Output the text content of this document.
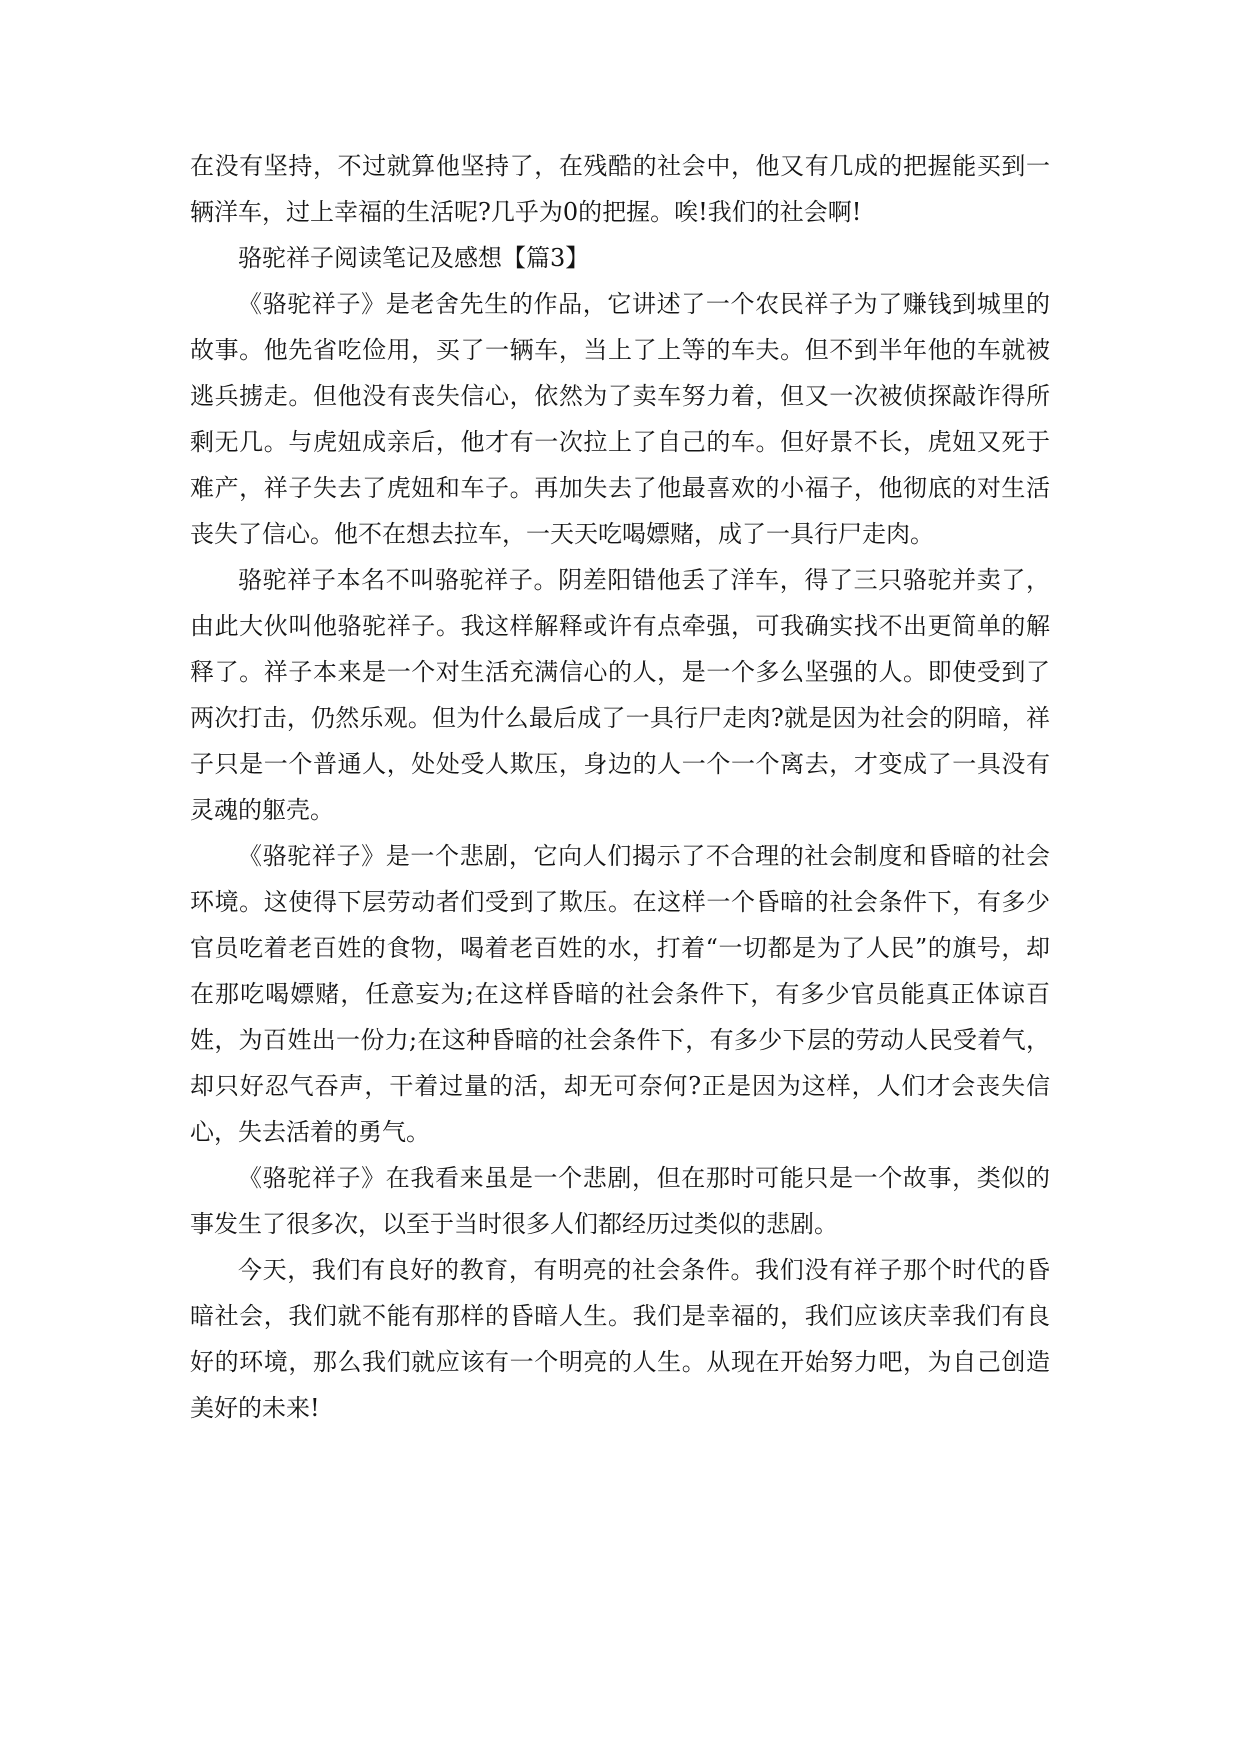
在没有坚持，不过就算他坚持了，在残酷的社会中，他又有几成的把握能买到一辆洋车，过上幸福的生活呢?几乎为0的把握。唉!我们的社会啊!

骆驼祥子阅读笔记及感想【篇3】

《骆驼祥子》是老舍先生的作品，它讲述了一个农民祥子为了赚钱到城里的故事。他先省吃俭用，买了一辆车，当上了上等的车夫。但不到半年他的车就被逃兵掳走。但他没有丧失信心，依然为了卖车努力着，但又一次被侦探敲诈得所剩无几。与虎妞成亲后，他才有一次拉上了自己的车。但好景不长，虎妞又死于难产，祥子失去了虎妞和车子。再加失去了他最喜欢的小福子，他彻底的对生活丧失了信心。他不在想去拉车，一天天吃喝嫖赌，成了一具行尸走肉。

骆驼祥子本名不叫骆驼祥子。阴差阳错他丢了洋车，得了三只骆驼并卖了，由此大伙叫他骆驼祥子。我这样解释或许有点牵强，可我确实找不出更简单的解释了。祥子本来是一个对生活充满信心的人，是一个多么坚强的人。即使受到了两次打击，仍然乐观。但为什么最后成了一具行尸走肉?就是因为社会的阴暗，祥子只是一个普通人，处处受人欺压，身边的人一个一个离去，才变成了一具没有灵魂的躯壳。

《骆驼祥子》是一个悲剧，它向人们揭示了不合理的社会制度和昏暗的社会环境。这使得下层劳动者们受到了欺压。在这样一个昏暗的社会条件下，有多少官员吃着老百姓的食物，喝着老百姓的水，打着“一切都是为了人民”的旗号，却在那吃喝嫖赌，任意妄为;在这样昏暗的社会条件下，有多少官员能真正体谅百姓，为百姓出一份力;在这种昏暗的社会条件下，有多少下层的劳动人民受着气，却只好忍气吞声，干着过量的活，却无可奈何?正是因为这样，人们才会丧失信心，失去活着的勇气。

《骆驼祥子》在我看来虽是一个悲剧，但在那时可能只是一个故事，类似的事发生了很多次，以至于当时很多人们都经历过类似的悲剧。

今天，我们有良好的教育，有明亮的社会条件。我们没有祥子那个时代的昏暗社会，我们就不能有那样的昏暗人生。我们是幸福的，我们应该庆幸我们有良好的环境，那么我们就应该有一个明亮的人生。从现在开始努力吧，为自己创造美好的未来!
